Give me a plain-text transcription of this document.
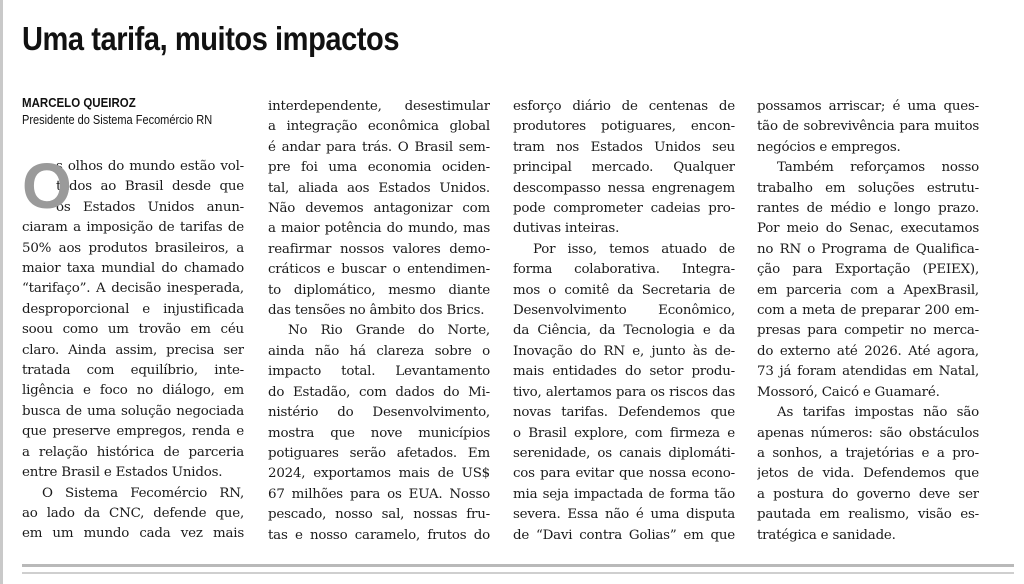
Uma tarifa, muitos impactos
MARCELO QUEIROZ
Presidente do Sistema Fecomércio RN
O
s olhos do mundo estão vol-
tados ao Brasil desde que
os Estados Unidos anun-
ciaram a imposição de tarifas de
50% aos produtos brasileiros, a
maior taxa mundial do chamado
“tarifaço”. A decisão inesperada,
desproporcional e injustificada
soou como um trovão em céu
claro. Ainda assim, precisa ser
tratada com equilíbrio, inte-
ligência e foco no diálogo, em
busca de uma solução negociada
que preserve empregos, renda e
a relação histórica de parceria
entre Brasil e Estados Unidos.
O Sistema Fecomércio RN,
ao lado da CNC, defende que,
em um mundo cada vez mais
interdependente, desestimular
a integração econômica global
é andar para trás. O Brasil sem-
pre foi uma economia ociden-
tal, aliada aos Estados Unidos.
Não devemos antagonizar com
a maior potência do mundo, mas
reafirmar nossos valores demo-
cráticos e buscar o entendimen-
to diplomático, mesmo diante
das tensões no âmbito dos Brics.
No Rio Grande do Norte,
ainda não há clareza sobre o
impacto total. Levantamento
do Estadão, com dados do Mi-
nistério do Desenvolvimento,
mostra que nove municípios
potiguares serão afetados. Em
2024, exportamos mais de US$
67 milhões para os EUA. Nosso
pescado, nosso sal, nossas fru-
tas e nosso caramelo, frutos do
esforço diário de centenas de
produtores potiguares, encon-
tram nos Estados Unidos seu
principal mercado. Qualquer
descompasso nessa engrenagem
pode comprometer cadeias pro-
dutivas inteiras.
Por isso, temos atuado de
forma colaborativa. Integra-
mos o comitê da Secretaria de
Desenvolvimento Econômico,
da Ciência, da Tecnologia e da
Inovação do RN e, junto às de-
mais entidades do setor produ-
tivo, alertamos para os riscos das
novas tarifas. Defendemos que
o Brasil explore, com firmeza e
serenidade, os canais diplomáti-
cos para evitar que nossa econo-
mia seja impactada de forma tão
severa. Essa não é uma disputa
de “Davi contra Golias” em que
possamos arriscar; é uma ques-
tão de sobrevivência para muitos
negócios e empregos.
Também reforçamos nosso
trabalho em soluções estrutu-
rantes de médio e longo prazo.
Por meio do Senac, executamos
no RN o Programa de Qualifica-
ção para Exportação (PEIEX),
em parceria com a ApexBrasil,
com a meta de preparar 200 em-
presas para competir no merca-
do externo até 2026. Até agora,
73 já foram atendidas em Natal,
Mossoró, Caicó e Guamaré.
As tarifas impostas não são
apenas números: são obstáculos
a sonhos, a trajetórias e a pro-
jetos de vida. Defendemos que
a postura do governo deve ser
pautada em realismo, visão es-
tratégica e sanidade.
